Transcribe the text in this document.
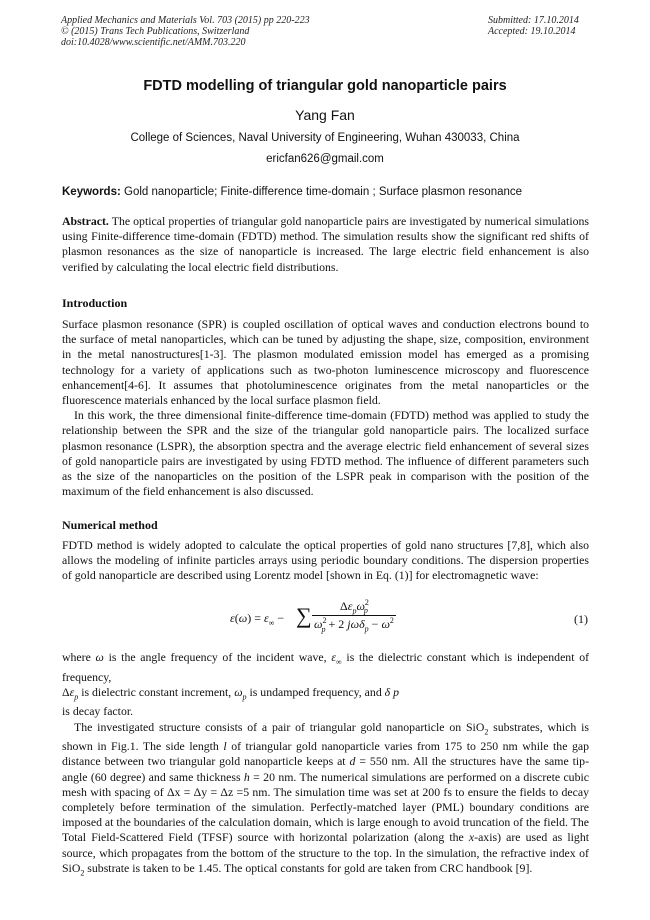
Applied Mechanics and Materials Vol. 703 (2015) pp 220-223
© (2015) Trans Tech Publications, Switzerland
doi:10.4028/www.scientific.net/AMM.703.220
Submitted: 17.10.2014
Accepted: 19.10.2014
FDTD modelling of triangular gold nanoparticle pairs
Yang Fan
College of Sciences, Naval University of Engineering, Wuhan 430033, China
ericfan626@gmail.com
Keywords: Gold nanoparticle; Finite-difference time-domain ; Surface plasmon resonance

Abstract. The optical properties of triangular gold nanoparticle pairs are investigated by numerical simulations using Finite-difference time-domain (FDTD) method. The simulation results show the significant red shifts of plasmon resonances as the size of nanoparticle is increased. The large electric field enhancement is also verified by calculating the local electric field distributions.

Introduction

Surface plasmon resonance (SPR) is coupled oscillation of optical waves and conduction electrons bound to the surface of metal nanoparticles, which can be tuned by adjusting the shape, size, composition, environment in the metal nanostructures[1-3]. The plasmon modulated emission model has emerged as a promising technology for a variety of applications such as two-photon luminescence microscopy and fluorescence enhancement[4-6]. It assumes that photoluminescence originates from the metal nanoparticles or the fluorescence materials enhanced by the local surface plasmon field.

In this work, the three dimensional finite-difference time-domain (FDTD) method was applied to study the relationship between the SPR and the size of the triangular gold nanoparticle pairs. The localized surface plasmon resonance (LSPR), the absorption spectra and the average electric field enhancement of several sizes of gold nanoparticle pairs are investigated by using FDTD method. The influence of different parameters such as the size of the nanoparticles on the position of the LSPR peak in comparison with the position of the maximum of the field enhancement is also discussed.

Numerical method

FDTD method is widely adopted to calculate the optical properties of gold nano structures [7,8], which also allows the modeling of infinite particles arrays using periodic boundary conditions. The dispersion properties of gold nanoparticle are described using Lorentz model [shown in Eq. (1)] for electromagnetic wave:

$\varepsilon(\omega) = \varepsilon_\infty$ − ∑	$\Delta\varepsilon_p\omega^2_p$
$\omega^2_p + 2$ $j\omega\delta_p - \omega^2$	(1)

where ω is the angle frequency of the incident wave, $\varepsilon_\infty$ is the dielectric constant which is independent of frequency,

$\Delta\varepsilon_p$ is dielectric constant increment, $\omega_p$ is undamped frequency, and δ p

is decay factor.

The investigated structure consists of a pair of triangular gold nanoparticle on SiO$_2$ substrates, which is shown in Fig.1. The side length l of triangular gold nanoparticle varies from 175 to 250 nm while the gap distance between two triangular gold nanoparticle keeps at d = 550 nm. All the structures have the same tip-angle (60 degree) and same thickness h = 20 nm. The numerical simulations are performed on a discrete cubic mesh with spacing of Δx = Δy = Δz =5 nm. The simulation time was set at 200 fs to ensure the fields to decay completely before termination of the simulation. Perfectly-matched layer (PML) boundary conditions are imposed at the boundaries of the calculation domain, which is large enough to avoid truncation of the field. The Total Field-Scattered Field (TFSF) source with horizontal polarization (along the x-axis) are used as light source, which propagates from the bottom of the structure to the top. In the simulation, the refractive index of SiO$_2$ substrate is taken to be 1.45. The optical constants for gold are taken from CRC handbook [9].
